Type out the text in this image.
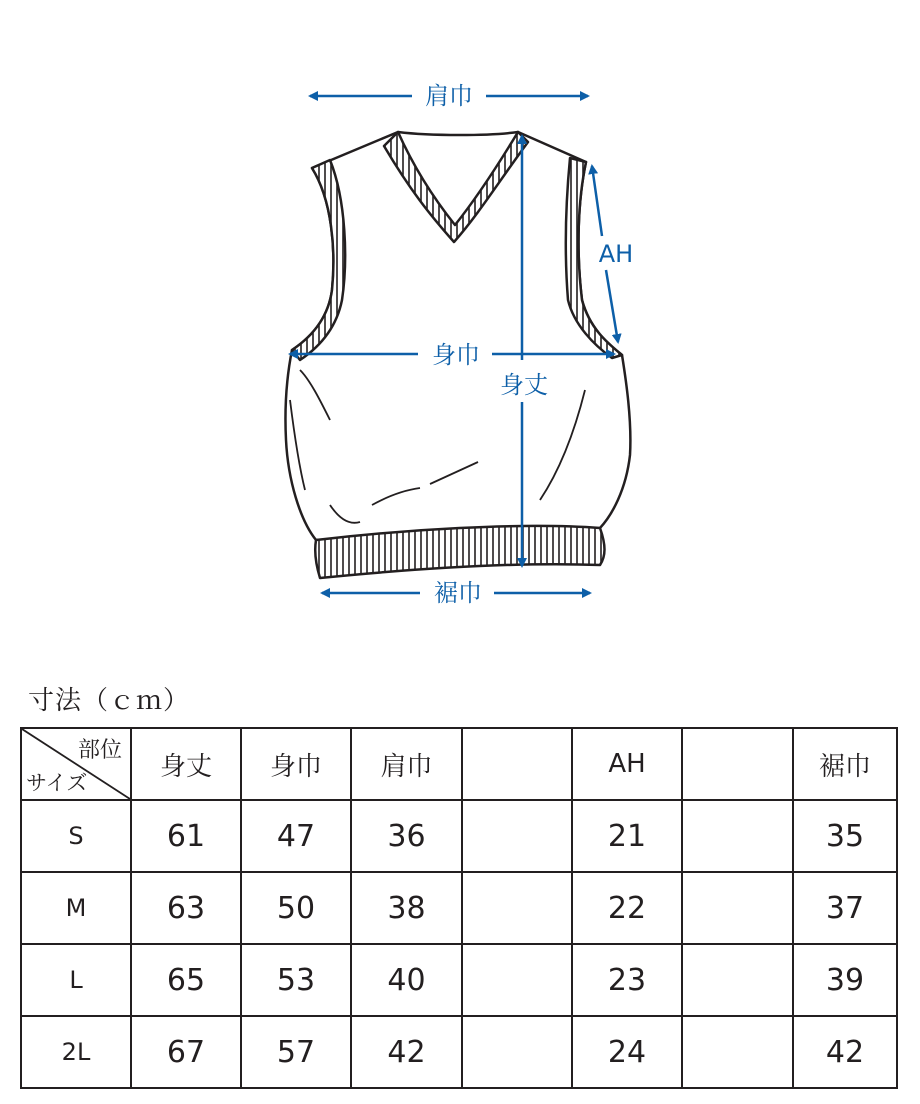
肩巾
AH
身巾
身丈
裾巾
寸法（ｃｍ）
部位
サイズ	身丈	身巾	肩巾		AH		裾巾
S	61	47	36		21		35
M	63	50	38		22		37
L	65	53	40		23		39
2L	67	57	42		24		42
